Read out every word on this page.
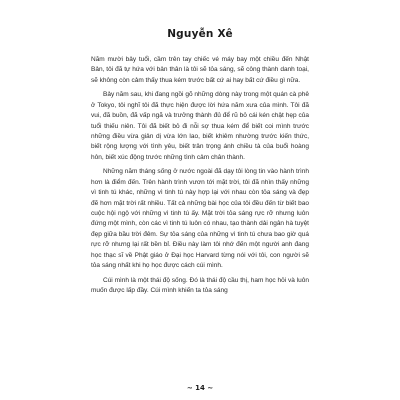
Nguyễn Xê

Năm mười bảy tuổi, cầm trên tay chiếc vé máy bay một chiều đến Nhật Bản, tôi đã tự hứa với bản thân là tôi sẽ tỏa sáng, sẽ công thành danh toại, sẽ không còn cảm thấy thua kém trước bất cứ ai hay bất cứ điều gì nữa.

Bảy năm sau, khi đang ngồi gõ những dòng này trong một quán cà phê ở Tokyo, tôi nghĩ tôi đã thực hiện được lời hứa năm xưa của mình. Tôi đã vui, đã buồn, đã vấp ngã và trưởng thành đủ để rũ bỏ cái kén chật hẹp của tuổi thiếu niên. Tôi đã biết bỏ đi nỗi sợ thua kém để biết coi mình trước những điều vừa giản dị vừa lớn lao, biết khiêm nhường trước kiến thức, biết rộng lượng với tình yêu, biết trân trọng ánh chiều tà của buổi hoàng hôn, biết xúc động trước những tình cảm chân thành.

Những năm tháng sống ở nước ngoài đã dạy tôi lòng tin vào hành trình hơn là điểm đến. Trên hành trình vươn tới mặt trời, tôi đã nhìn thấy những vì tinh tú khác, những vì tinh tú này hợp lại với nhau còn tỏa sáng và đẹp đẽ hơn mặt trời rất nhiều. Tất cả những bài học của tôi đều đến từ biết bao cuộc hội ngộ với những vì tinh tú ấy. Mặt trời tỏa sáng rực rỡ nhưng luôn đứng một mình, còn các vì tinh tú luôn có nhau, tạo thành dải ngân hà tuyệt đẹp giữa bầu trời đêm. Sự tỏa sáng của những vì tinh tú chưa bao giờ quá rực rỡ nhưng lại rất bền bỉ. Điều này làm tôi nhớ đến một người anh đang học thạc sĩ về Phật giáo ở Đại học Harvard từng nói với tôi, con người sẽ tỏa sáng nhất khi họ học được cách cúi mình.

Cúi mình là một thái độ sống. Đó là thái độ cầu thị, ham học hỏi và luôn muốn được lấp đầy. Cúi mình khiến ta tỏa sáng

~ 14 ~
